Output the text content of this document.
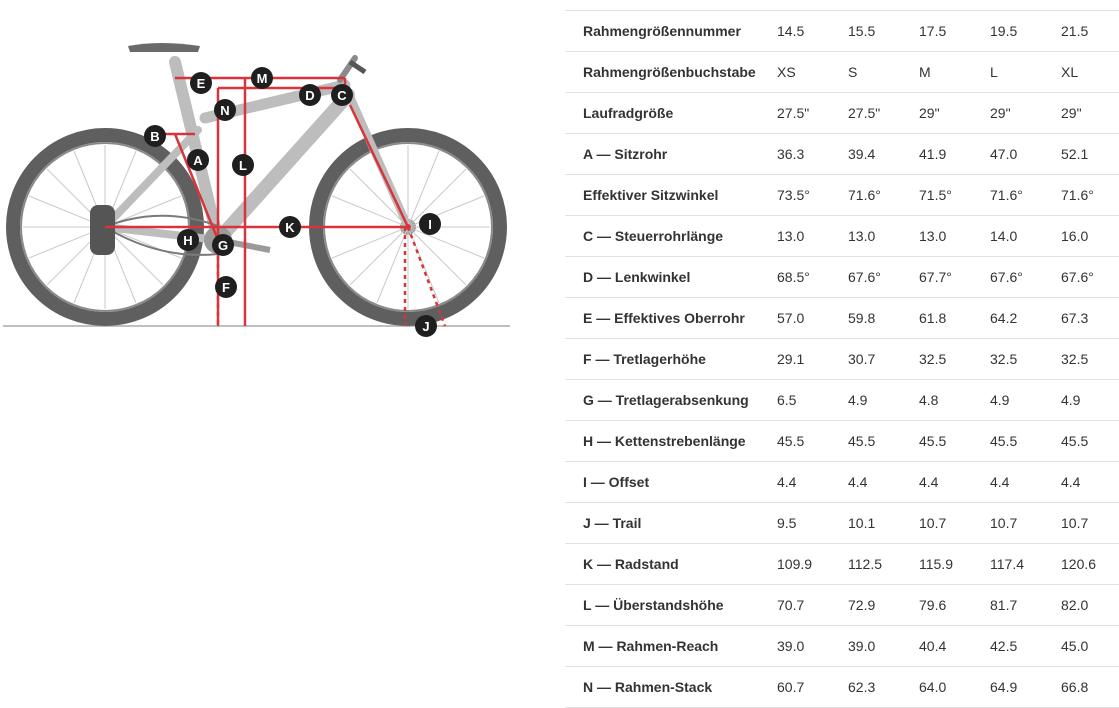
A
B
C
D
E
F
G
H
I
J
K
L
M
N
Rahmengrößennummer	14.5	15.5	17.5	19.5	21.5
Rahmengrößenbuchstabe	XS	S	M	L	XL
Laufradgröße	27.5"	27.5"	29"	29"	29"
A — Sitzrohr	36.3	39.4	41.9	47.0	52.1
Effektiver Sitzwinkel	73.5°	71.6°	71.5°	71.6°	71.6°
C — Steuerrohrlänge	13.0	13.0	13.0	14.0	16.0
D — Lenkwinkel	68.5°	67.6°	67.7°	67.6°	67.6°
E — Effektives Oberrohr	57.0	59.8	61.8	64.2	67.3
F — Tretlagerhöhe	29.1	30.7	32.5	32.5	32.5
G — Tretlagerabsenkung	6.5	4.9	4.8	4.9	4.9
H — Kettenstrebenlänge	45.5	45.5	45.5	45.5	45.5
I — Offset	4.4	4.4	4.4	4.4	4.4
J — Trail	9.5	10.1	10.7	10.7	10.7
K — Radstand	109.9	112.5	115.9	117.4	120.6
L — Überstandshöhe	70.7	72.9	79.6	81.7	82.0
M — Rahmen-Reach	39.0	39.0	40.4	42.5	45.0
N — Rahmen-Stack	60.7	62.3	64.0	64.9	66.8
